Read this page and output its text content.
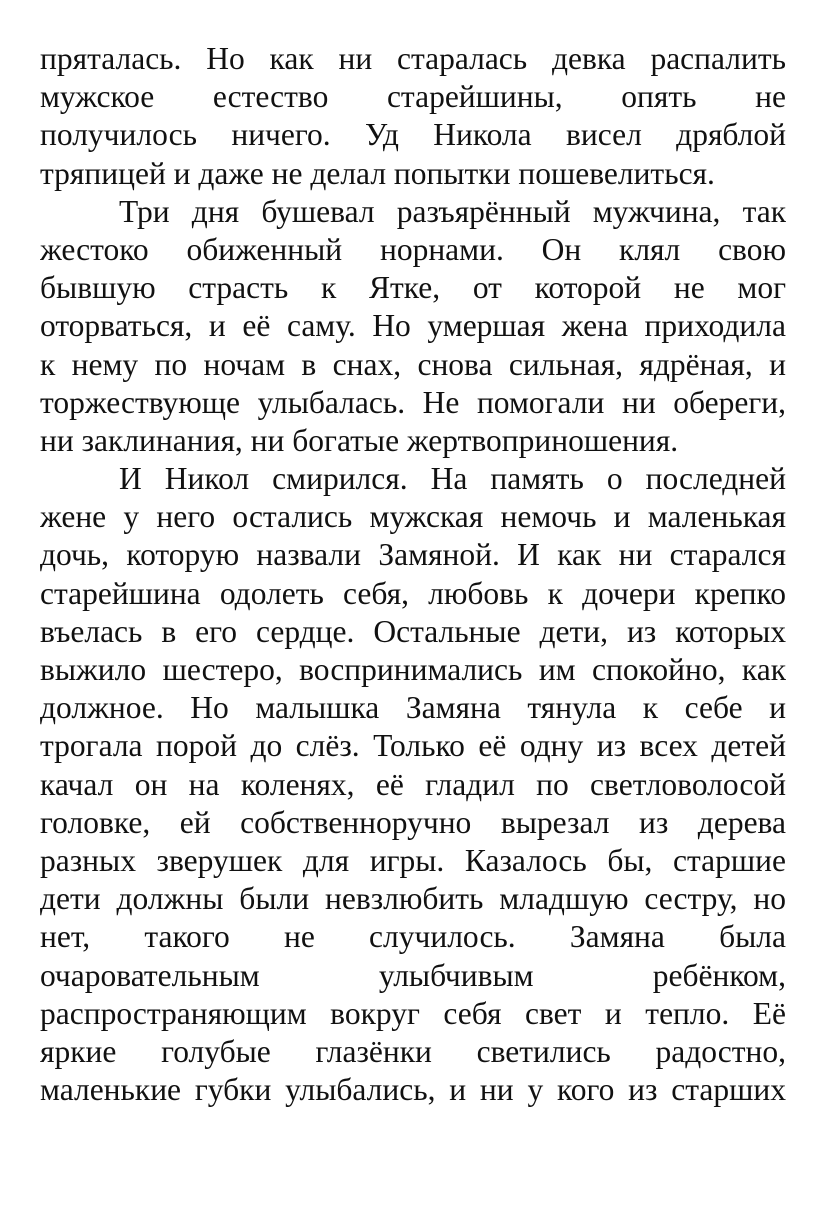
пряталась. Но как ни старалась девка распалить
мужское естество старейшины, опять не
получилось ничего. Уд Никола висел дряблой
тряпицей и даже не делал попытки пошевелиться.
Три дня бушевал разъярённый мужчина, так
жестоко обиженный норнами. Он клял свою
бывшую страсть к Ятке, от которой не мог
оторваться, и её саму. Но умершая жена приходила
к нему по ночам в снах, снова сильная, ядрёная, и
торжествующе улыбалась. Не помогали ни обереги,
ни заклинания, ни богатые жертвоприношения.
И Никол смирился. На память о последней
жене у него остались мужская немочь и маленькая
дочь, которую назвали Замяной. И как ни старался
старейшина одолеть себя, любовь к дочери крепко
въелась в его сердце. Остальные дети, из которых
выжило шестеро, воспринимались им спокойно, как
должное. Но малышка Замяна тянула к себе и
трогала порой до слёз. Только её одну из всех детей
качал он на коленях, её гладил по светловолосой
головке, ей собственноручно вырезал из дерева
разных зверушек для игры. Казалось бы, старшие
дети должны были невзлюбить младшую сестру, но
нет, такого не случилось. Замяна была
очаровательным улыбчивым ребёнком,
распространяющим вокруг себя свет и тепло. Её
яркие голубые глазёнки светились радостно,
маленькие губки улыбались, и ни у кого из старших
